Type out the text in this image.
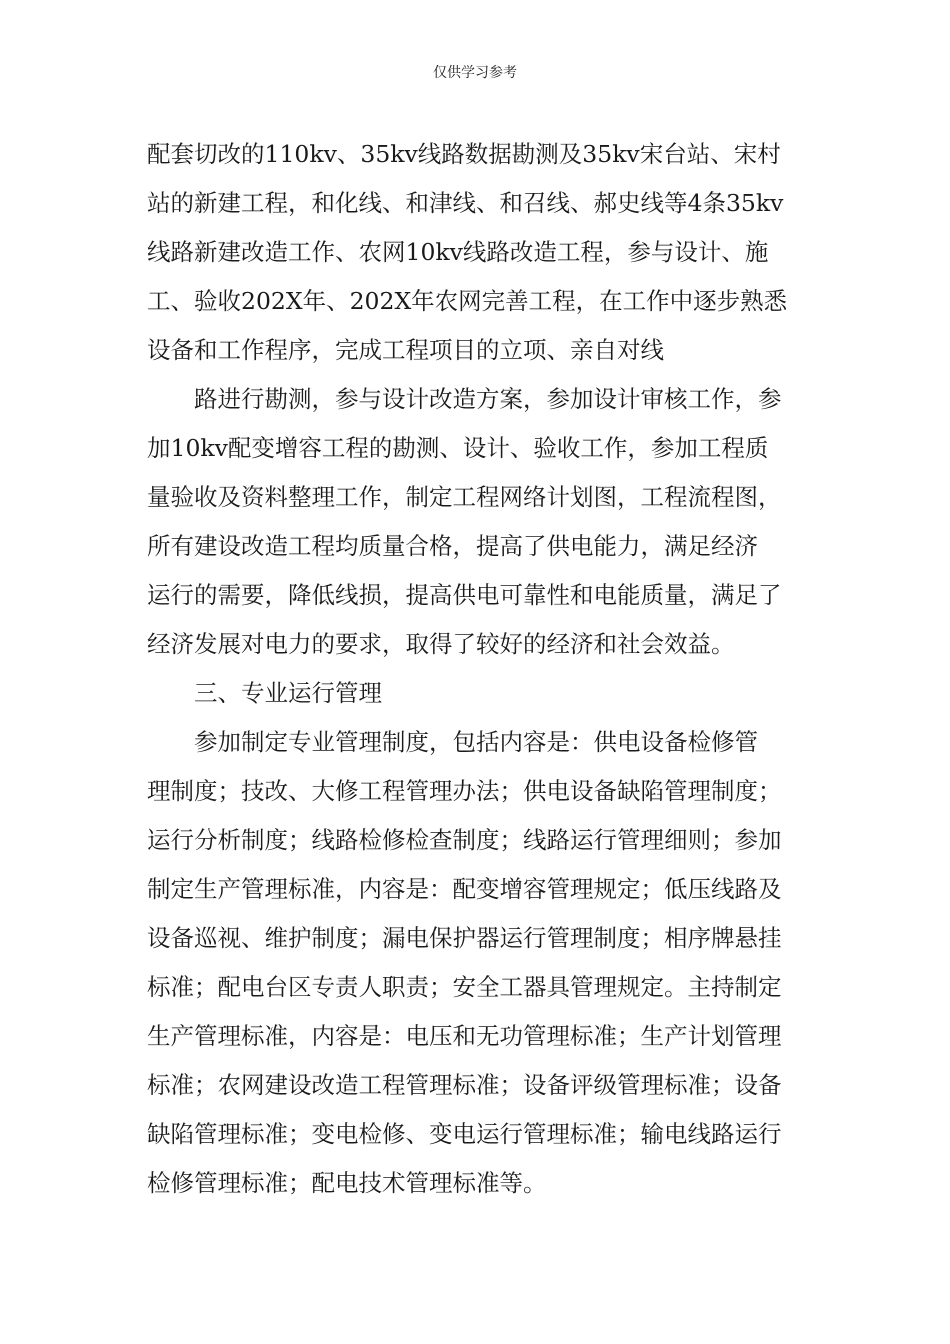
仅供学习参考

配套切改的110kv、35kv线路数据勘测及35kv宋台站、宋村
站的新建工程，和化线、和津线、和召线、郝史线等4条35kv
线路新建改造工作、农网10kv线路改造工程，参与设计、施
工、验收202X年、202X年农网完善工程，在工作中逐步熟悉
设备和工作程序，完成工程项目的立项、亲自对线

路进行勘测，参与设计改造方案，参加设计审核工作，参
加10kv配变增容工程的勘测、设计、验收工作，参加工程质
量验收及资料整理工作，制定工程网络计划图，工程流程图，
所有建设改造工程均质量合格，提高了供电能力，满足经济
运行的需要，降低线损，提高供电可靠性和电能质量，满足了
经济发展对电力的要求，取得了较好的经济和社会效益。

三、专业运行管理

参加制定专业管理制度，包括内容是：供电设备检修管
理制度；技改、大修工程管理办法；供电设备缺陷管理制度；
运行分析制度；线路检修检查制度；线路运行管理细则；参加
制定生产管理标准，内容是：配变增容管理规定；低压线路及
设备巡视、维护制度；漏电保护器运行管理制度；相序牌悬挂
标准；配电台区专责人职责；安全工器具管理规定。主持制定
生产管理标准，内容是：电压和无功管理标准；生产计划管理
标准；农网建设改造工程管理标准；设备评级管理标准；设备
缺陷管理标准；变电检修、变电运行管理标准；输电线路运行
检修管理标准；配电技术管理标准等。
